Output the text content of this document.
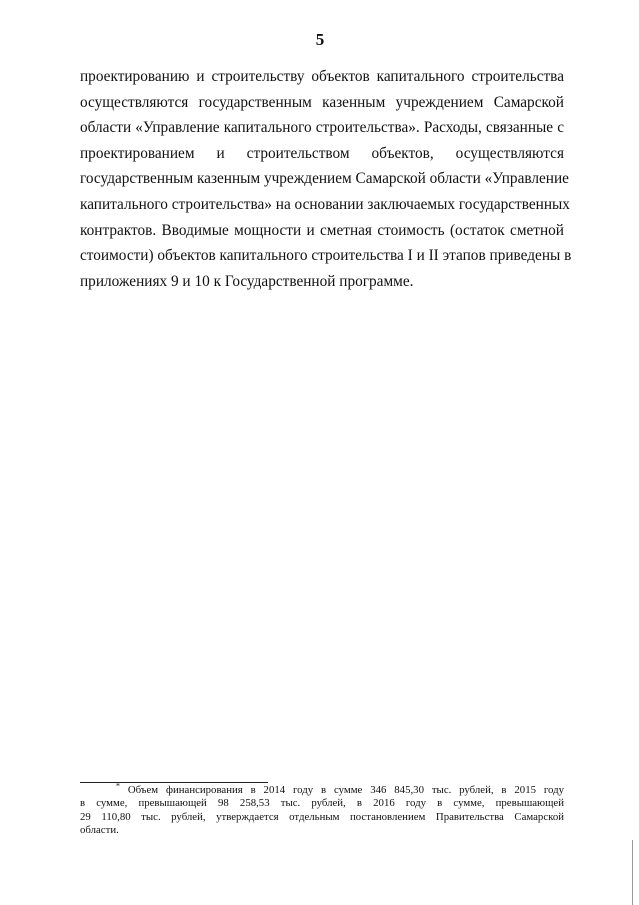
5
проектированию и строительству объектов капитального строительства
осуществляются государственным казенным учреждением Самарской
области «Управление капитального строительства». Расходы, связанные с
проектированием и строительством объектов, осуществляются
государственным казенным учреждением Самарской области «Управление
капитального строительства» на основании заключаемых государственных
контрактов. Вводимые мощности и сметная стоимость (остаток сметной
стоимости) объектов капитального строительства I и II этапов приведены в
приложениях 9 и 10 к Государственной программе.
* Объем финансирования в 2014 году в сумме 346 845,30 тыс. рублей, в 2015 году
в сумме, превышающей 98 258,53 тыс. рублей, в 2016 году в сумме, превышающей
29 110,80 тыс. рублей, утверждается отдельным постановлением Правительства Самарской
области.
